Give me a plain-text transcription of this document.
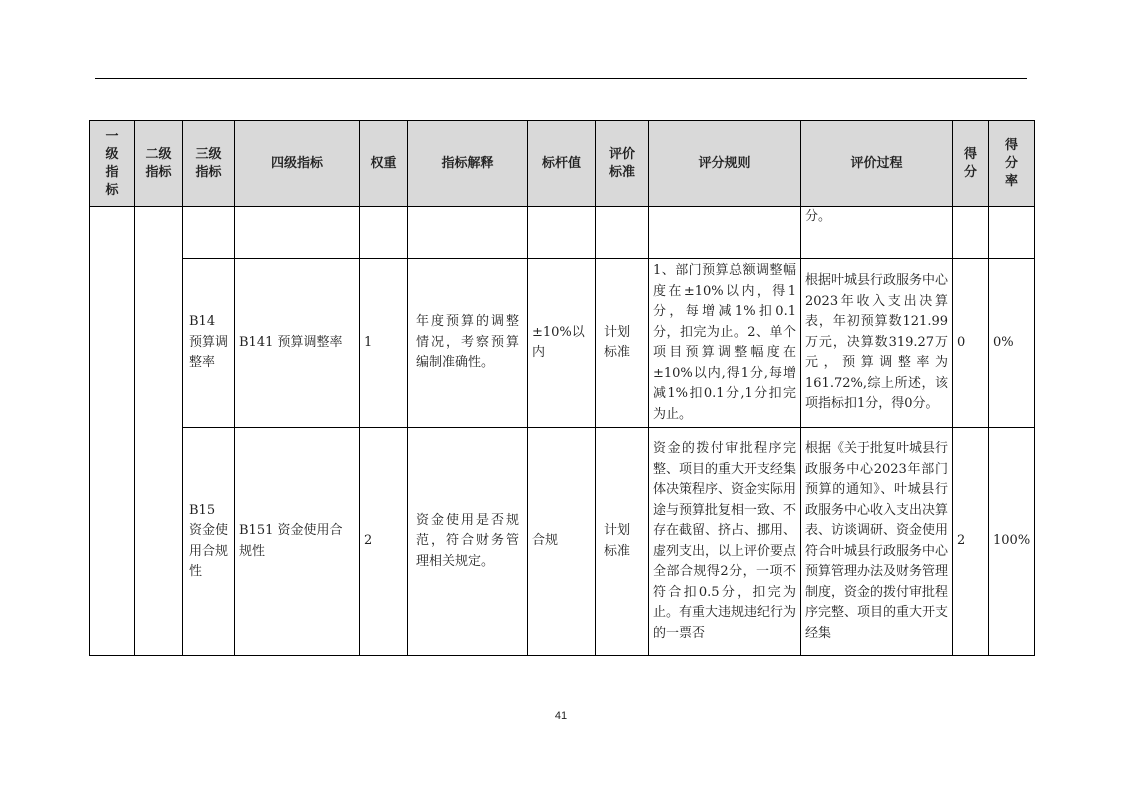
一级指标	二级指标	三级指标	四级指标	权重	指标解释	标杆值	评价标准	评分规则	评价过程	得分	得分率
									分。		
		B14预算调整率	B141 预算调整率	1	年度预算的调整情况，考察预算编制准确性。	±10%以内	计划标准	1、部门预算总额调整幅度在±10%以内，得1分，每增减1%扣0.1分，扣完为止。2、单个项目预算调整幅度在±10%以内,得1分,每增减1%扣0.1分,1分扣完为止。	根据叶城县行政服务中心2023年收入支出决算表，年初预算数121.99万元，决算数319.27万元，预算调整率为161.72%,综上所述，该项指标扣1分，得0分。	0	0%
		B15资金使用合规性	B151 资金使用合规性	2	资金使用是否规范，符合财务管理相关规定。	合规	计划标准	资金的拨付审批程序完整、项目的重大开支经集体决策程序、资金实际用途与预算批复相一致、不存在截留、挤占、挪用、虚列支出，以上评价要点全部合规得2分，一项不符合扣0.5分，扣完为止。有重大违规违纪行为的一票否	根据《关于批复叶城县行政服务中心2023年部门预算的通知》、叶城县行政服务中心收入支出决算表、访谈调研、资金使用符合叶城县行政服务中心预算管理办法及财务管理制度，资金的拨付审批程序完整、项目的重大开支经集	2	100%
41
